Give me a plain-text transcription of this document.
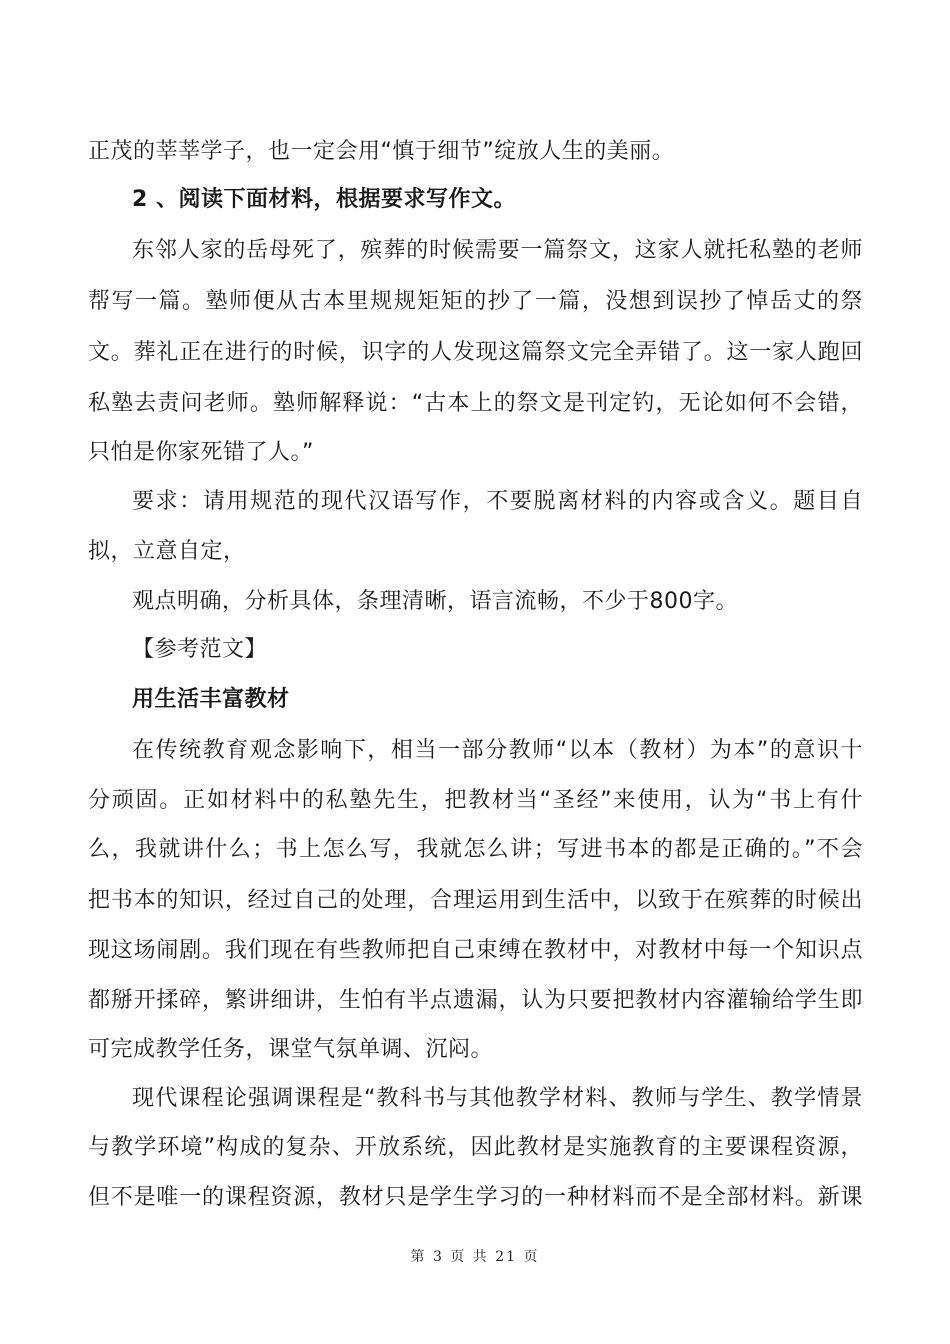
正茂的莘莘学子，也一定会用“慎于细节”绽放人生的美丽。
2 、阅读下面材料，根据要求写作文。
东邻人家的岳母死了，殡葬的时候需要一篇祭文，这家人就托私塾的老师
帮写一篇。塾师便从古本里规规矩矩的抄了一篇，没想到误抄了悼岳丈的祭
文。葬礼正在进行的时候，识字的人发现这篇祭文完全弄错了。这一家人跑回
私塾去责问老师。塾师解释说：“古本上的祭文是刊定钓，无论如何不会错，
只怕是你家死错了人。”
要求：请用规范的现代汉语写作，不要脱离材料的内容或含义。题目自
拟，立意自定，
观点明确，分析具体，条理清晰，语言流畅，不少于800字。
【参考范文】
用生活丰富教材
在传统教育观念影响下，相当一部分教师“以本（教材）为本”的意识十
分顽固。正如材料中的私塾先生，把教材当“圣经”来使用，认为“书上有什
么，我就讲什么；书上怎么写，我就怎么讲；写进书本的都是正确的。”不会
把书本的知识，经过自己的处理，合理运用到生活中，以致于在殡葬的时候出
现这场闹剧。我们现在有些教师把自己束缚在教材中，对教材中每一个知识点
都掰开揉碎，繁讲细讲，生怕有半点遗漏，认为只要把教材内容灌输给学生即
可完成教学任务，课堂气氛单调、沉闷。
现代课程论强调课程是“教科书与其他教学材料、教师与学生、教学情景
与教学环境”构成的复杂、开放系统，因此教材是实施教育的主要课程资源，
但不是唯一的课程资源，教材只是学生学习的一种材料而不是全部材料。新课
第 3 页 共 21 页
